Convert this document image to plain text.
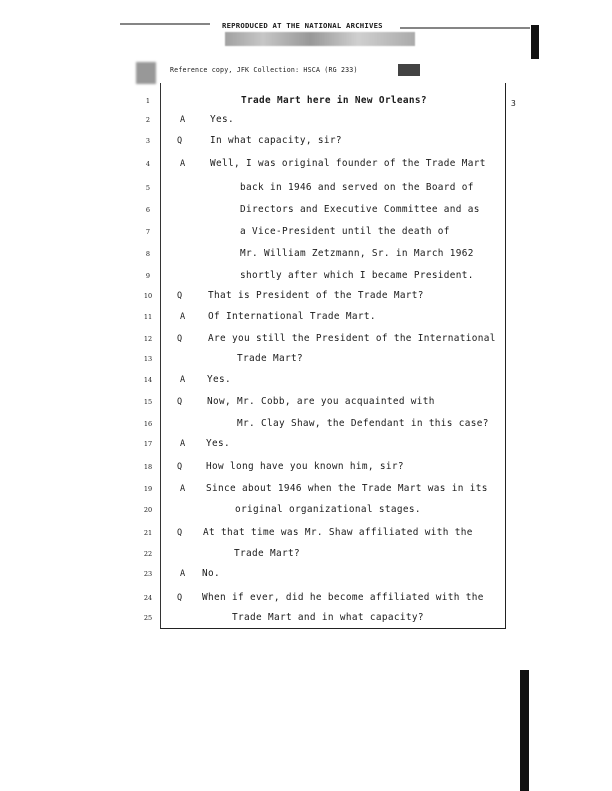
REPRODUCED AT THE NATIONAL ARCHIVES
Reference copy, JFK Collection: HSCA (RG 233)
3
1	Trade Mart here in New Orleans?
2	A	Yes.
3	Q	In what capacity, sir?
4	A	Well, I was original founder of the Trade Mart
5	back in 1946 and served on the Board of
6	Directors and Executive Committee and as
7	a Vice-President until the death of
8	Mr. William Zetzmann, Sr. in March 1962
9	shortly after which I became President.
10	Q	That is President of the Trade Mart?
11	A Of International Trade Mart.
12	Q	Are you still the President of the International
13	Trade Mart?
14	A Yes.
15	Q	Now, Mr. Cobb, are you acquainted with
16	Mr. Clay Shaw, the Defendant in this case?
17	A Yes.
18	Q	How long have you known him, sir?
19	A Since about 1946 when the Trade Mart was in its
20	original organizational stages.
21	Q At that time was Mr. Shaw affiliated with the
22	Trade Mart?
23	A No.
24	Q When if ever, did he become affiliated with the
25	Trade Mart and in what capacity?
